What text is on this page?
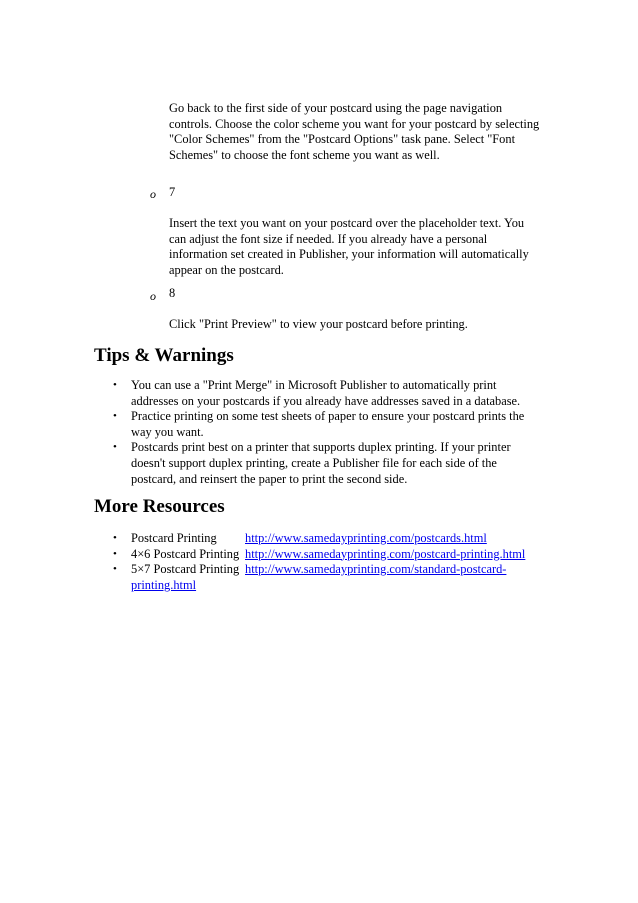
Go back to the first side of your postcard using the page navigation
controls. Choose the color scheme you want for your postcard by selecting
"Color Schemes" from the "Postcard Options" task pane. Select "Font
Schemes" to choose the font scheme you want as well.

o 7

Insert the text you want on your postcard over the placeholder text. You
can adjust the font size if needed. If you already have a personal
information set created in Publisher, your information will automatically
appear on the postcard.

o 8

Click "Print Preview" to view your postcard before printing.

Tips & Warnings
• You can use a "Print Merge" in Microsoft Publisher to automatically print
addresses on your postcards if you already have addresses saved in a database.
• Practice printing on some test sheets of paper to ensure your postcard prints the
way you want.
• Postcards print best on a printer that supports duplex printing. If your printer
doesn't support duplex printing, create a Publisher file for each side of the
postcard, and reinsert the paper to print the second side.
More Resources
• Postcard Printing http://www.samedayprinting.com/postcards.html
• 4×6 Postcard Printing http://www.samedayprinting.com/postcard-printing.html
• 5×7 Postcard Printing http://www.samedayprinting.com/standard-postcard-
printing.html
